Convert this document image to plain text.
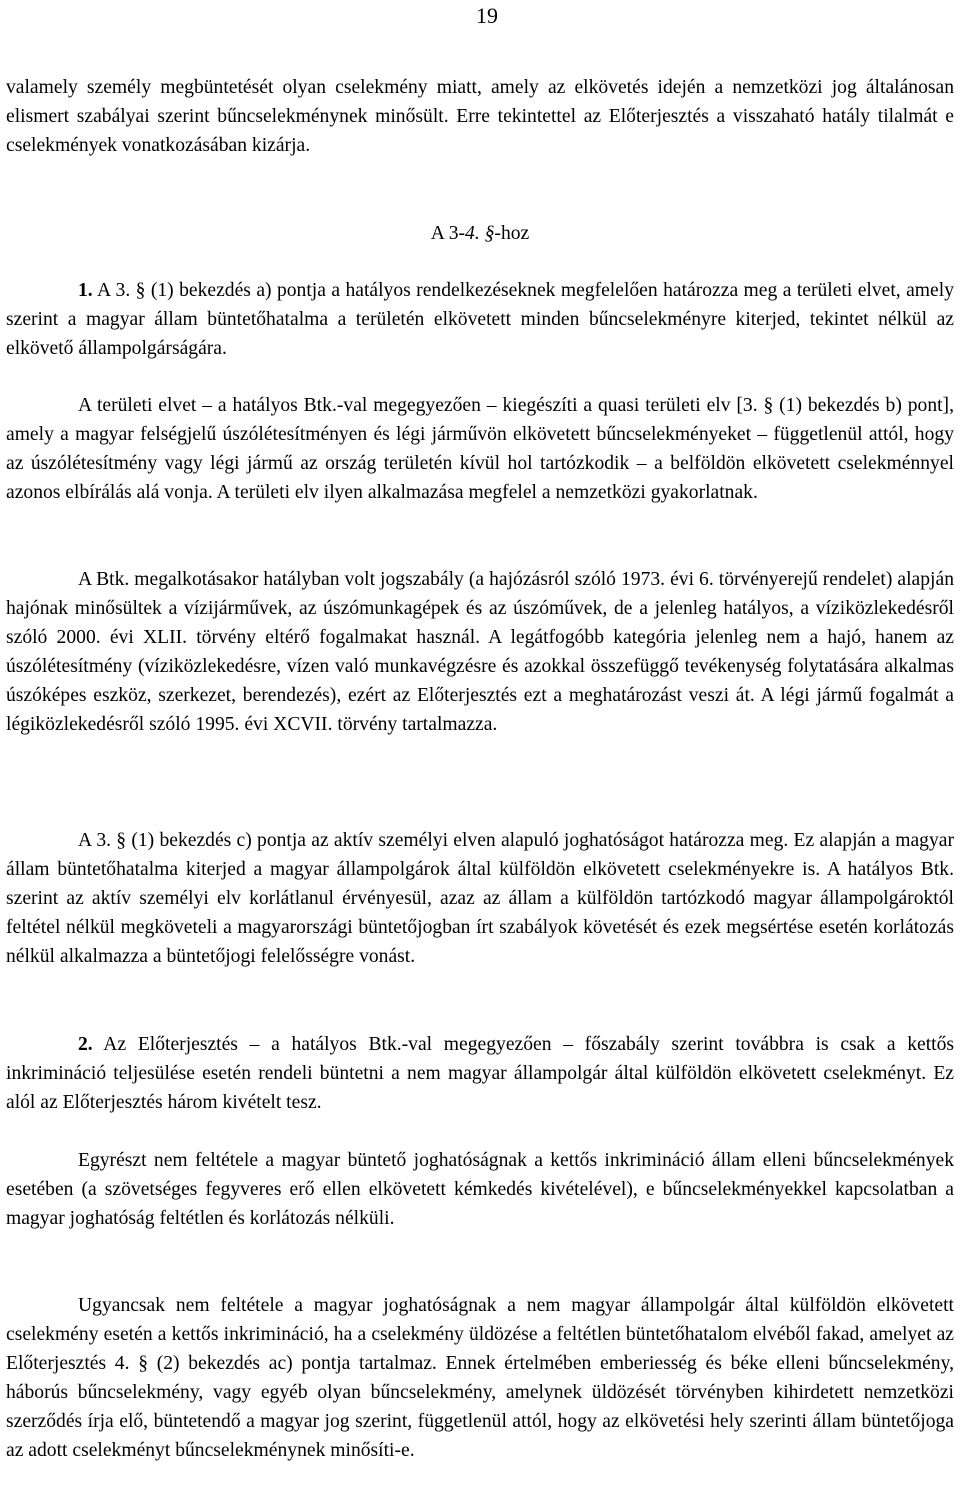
19

valamely személy megbüntetését olyan cselekmény miatt, amely az elkövetés idején a nemzetközi jog általánosan elismert szabályai szerint bűncselekménynek minősült. Erre tekintettel az Előterjesztés a visszaható hatály tilalmát e cselekmények vonatkozásában kizárja.

A 3-4. §-hoz

1. A 3. § (1) bekezdés a) pontja a hatályos rendelkezéseknek megfelelően határozza meg a területi elvet, amely szerint a magyar állam büntetőhatalma a területén elkövetett minden bűncselekményre kiterjed, tekintet nélkül az elkövető állampolgárságára.

A területi elvet – a hatályos Btk.-val megegyezően – kiegészíti a quasi területi elv [3. § (1) bekezdés b) pont], amely a magyar felségjelű úszólétesítményen és légi járművön elkövetett bűncselekményeket – függetlenül attól, hogy az úszólétesítmény vagy légi jármű az ország területén kívül hol tartózkodik – a belföldön elkövetett cselekménnyel azonos elbírálás alá vonja. A területi elv ilyen alkalmazása megfelel a nemzetközi gyakorlatnak.

A Btk. megalkotásakor hatályban volt jogszabály (a hajózásról szóló 1973. évi 6. törvényerejű rendelet) alapján hajónak minősültek a vízijárművek, az úszómunkagépek és az úszóművek, de a jelenleg hatályos, a víziközlekedésről szóló 2000. évi XLII. törvény eltérő fogalmakat használ. A legátfogóbb kategória jelenleg nem a hajó, hanem az úszólétesítmény (víziközlekedésre, vízen való munkavégzésre és azokkal összefüggő tevékenység folytatására alkalmas úszóképes eszköz, szerkezet, berendezés), ezért az Előterjesztés ezt a meghatározást veszi át. A légi jármű fogalmát a légiközlekedésről szóló 1995. évi XCVII. törvény tartalmazza.

A 3. § (1) bekezdés c) pontja az aktív személyi elven alapuló joghatóságot határozza meg. Ez alapján a magyar állam büntetőhatalma kiterjed a magyar állampolgárok által külföldön elkövetett cselekményekre is. A hatályos Btk. szerint az aktív személyi elv korlátlanul érvényesül, azaz az állam a külföldön tartózkodó magyar állampolgároktól feltétel nélkül megköveteli a magyarországi büntetőjogban írt szabályok követését és ezek megsértése esetén korlátozás nélkül alkalmazza a büntetőjogi felelősségre vonást.

2. Az Előterjesztés – a hatályos Btk.-val megegyezően – főszabály szerint továbbra is csak a kettős inkrimináció teljesülése esetén rendeli büntetni a nem magyar állampolgár által külföldön elkövetett cselekményt. Ez alól az Előterjesztés három kivételt tesz.

Egyrészt nem feltétele a magyar büntető joghatóságnak a kettős inkrimináció állam elleni bűncselekmények esetében (a szövetséges fegyveres erő ellen elkövetett kémkedés kivételével), e bűncselekményekkel kapcsolatban a magyar joghatóság feltétlen és korlátozás nélküli.

Ugyancsak nem feltétele a magyar joghatóságnak a nem magyar állampolgár által külföldön elkövetett cselekmény esetén a kettős inkrimináció, ha a cselekmény üldözése a feltétlen büntetőhatalom elvéből fakad, amelyet az Előterjesztés 4. § (2) bekezdés ac) pontja tartalmaz. Ennek értelmében emberiesség és béke elleni bűncselekmény, háborús bűncselekmény, vagy egyéb olyan bűncselekmény, amelynek üldözését törvényben kihirdetett nemzetközi szerződés írja elő, büntetendő a magyar jog szerint, függetlenül attól, hogy az elkövetési hely szerinti állam büntetőjoga az adott cselekményt bűncselekménynek minősíti-e.
